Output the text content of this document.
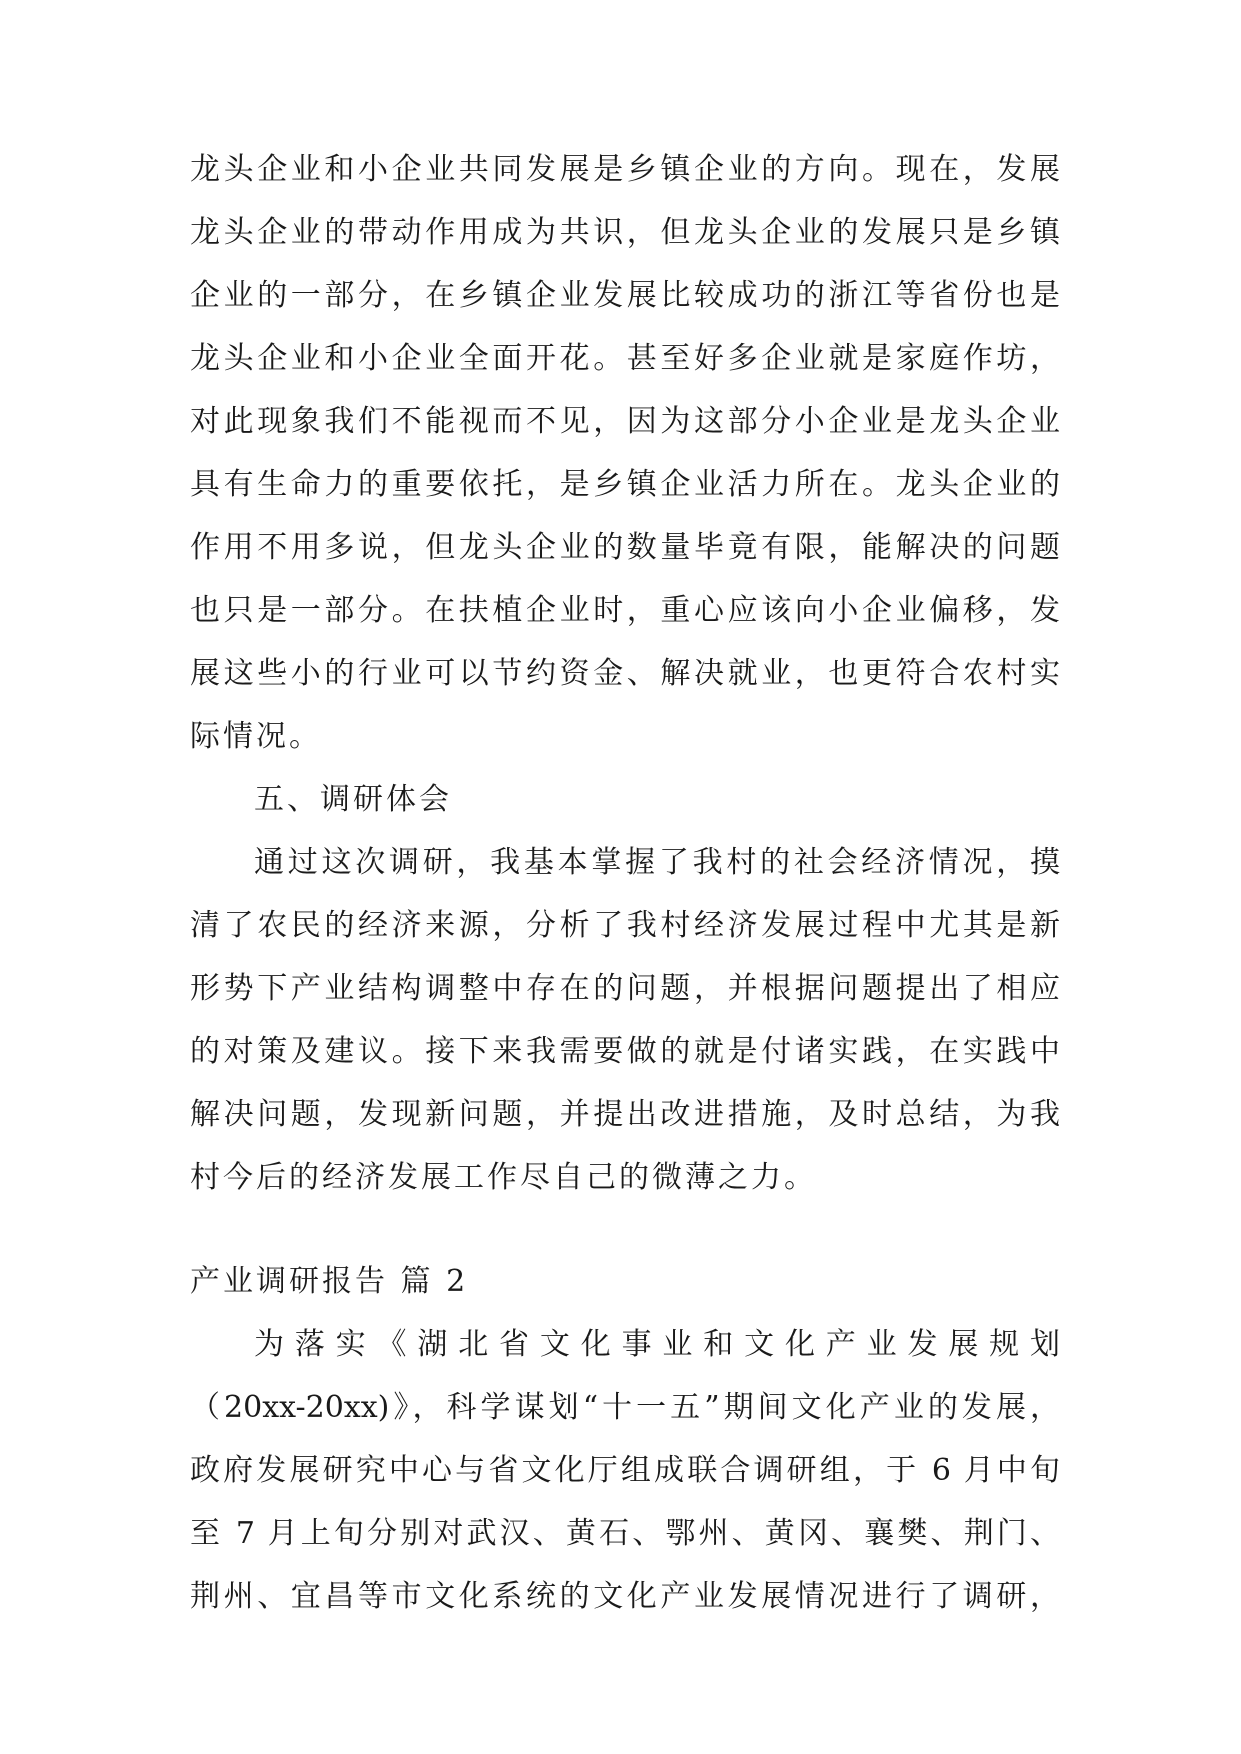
龙头企业和小企业共同发展是乡镇企业的方向。现在，发展
龙头企业的带动作用成为共识，但龙头企业的发展只是乡镇
企业的一部分，在乡镇企业发展比较成功的浙江等省份也是
龙头企业和小企业全面开花。甚至好多企业就是家庭作坊，
对此现象我们不能视而不见，因为这部分小企业是龙头企业
具有生命力的重要依托，是乡镇企业活力所在。龙头企业的
作用不用多说，但龙头企业的数量毕竟有限，能解决的问题
也只是一部分。在扶植企业时，重心应该向小企业偏移，发
展这些小的行业可以节约资金、解决就业，也更符合农村实
际情况。
五、调研体会
通过这次调研，我基本掌握了我村的社会经济情况，摸
清了农民的经济来源，分析了我村经济发展过程中尤其是新
形势下产业结构调整中存在的问题，并根据问题提出了相应
的对策及建议。接下来我需要做的就是付诸实践，在实践中
解决问题，发现新问题，并提出改进措施，及时总结，为我
村今后的经济发展工作尽自己的微薄之力。
产业调研报告 篇 2
为落实《湖北省文化事业和文化产业发展规划
（20xx-20xx)》，科学谋划“十一五”期间文化产业的发展，
政府发展研究中心与省文化厅组成联合调研组，于 6 月中旬
至 7 月上旬分别对武汉、黄石、鄂州、黄冈、襄樊、荆门、
荆州、宜昌等市文化系统的文化产业发展情况进行了调研，
